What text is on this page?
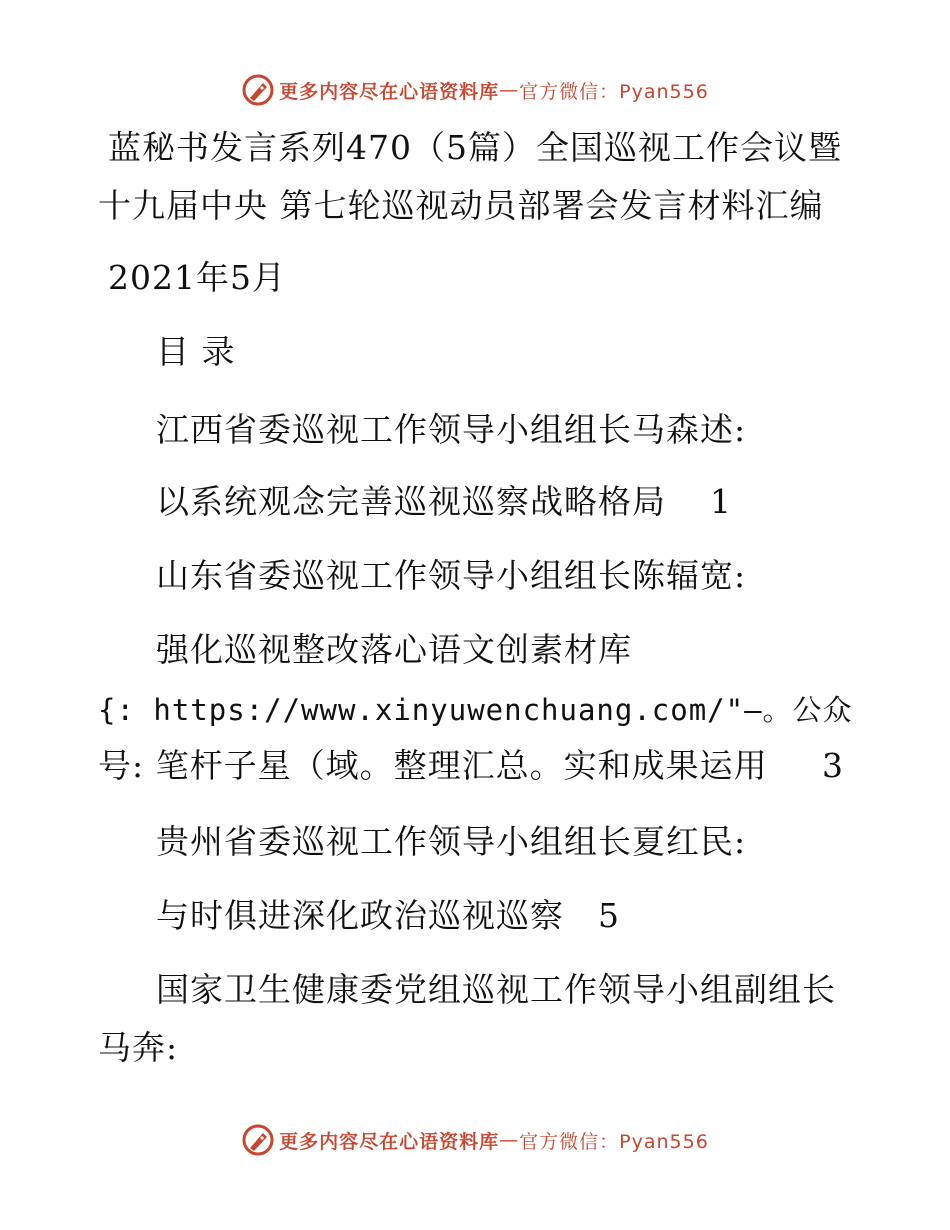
更多内容尽在心语资料库 — 官方微信：Pyan556
蓝秘书发言系列470（5篇）全国巡视工作会议暨
十九届中央 第七轮巡视动员部署会发言材料汇编
2021年5月
目 录
江西省委巡视工作领导小组组长马森述:
以系统观念完善巡视巡察战略格局 1
山东省委巡视工作领导小组组长陈辐宽:
强化巡视整改落心语文创素材库
{: https://www.xinyuwenchuang.com/"—。公众
号: 笔杆子星（域。整理汇总。实和成果运用 3
贵州省委巡视工作领导小组组长夏红民:
与时俱进深化政治巡视巡察 5
国家卫生健康委党组巡视工作领导小组副组长
马奔:
更多内容尽在心语资料库 — 官方微信：Pyan556
